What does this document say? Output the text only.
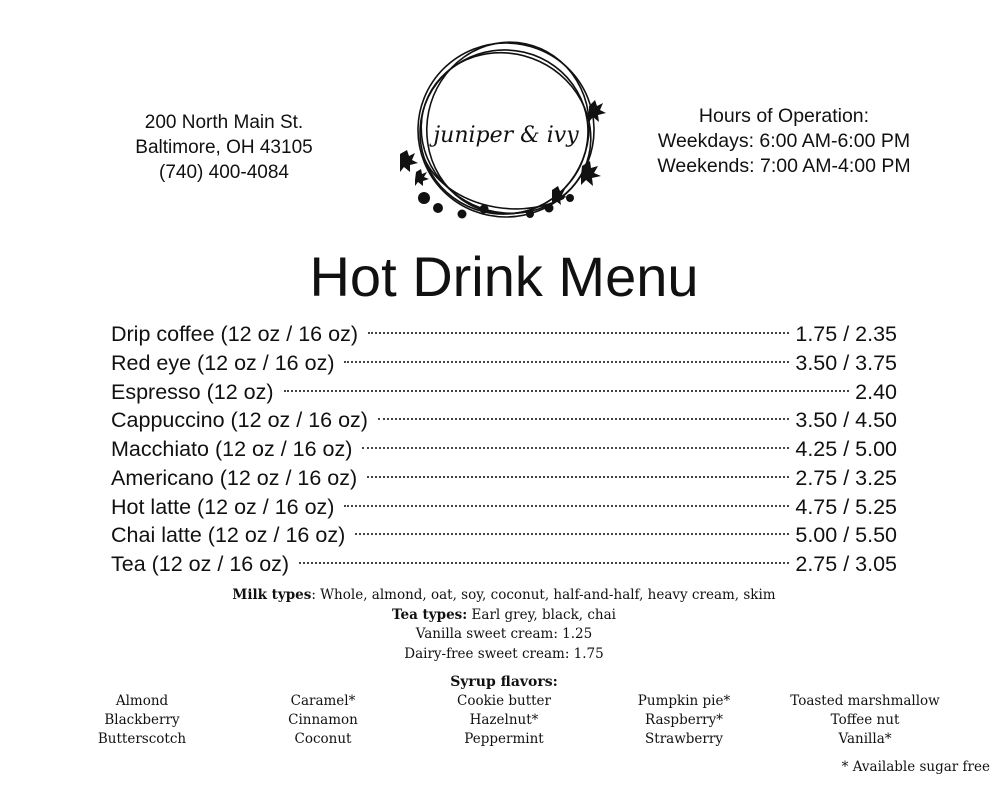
200 North Main St.
Baltimore, OH 43105
(740) 400-4084
juniper & ivy
Hours of Operation:
Weekdays: 6:00 AM-6:00 PM
Weekends: 7:00 AM-4:00 PM
Hot Drink Menu
Drip coffee (12 oz / 16 oz)	1.75 / 2.35
Red eye (12 oz / 16 oz)	3.50 / 3.75
Espresso (12 oz)	2.40
Cappuccino (12 oz / 16 oz)	3.50 / 4.50
Macchiato (12 oz / 16 oz)	4.25 / 5.00
Americano (12 oz / 16 oz)	2.75 / 3.25
Hot latte (12 oz / 16 oz)	4.75 / 5.25
Chai latte (12 oz / 16 oz)	5.00 / 5.50
Tea (12 oz / 16 oz)	2.75 / 3.05
Milk types: Whole, almond, oat, soy, coconut, half-and-half, heavy cream, skim
Tea types: Earl grey, black, chai
Vanilla sweet cream: 1.25
Dairy-free sweet cream: 1.75
Syrup flavors:
Almond
Blackberry
Butterscotch
Caramel*
Cinnamon
Coconut
Cookie butter
Hazelnut*
Peppermint
Pumpkin pie*
Raspberry*
Strawberry
Toasted marshmallow
Toffee nut
Vanilla*
* Available sugar free
